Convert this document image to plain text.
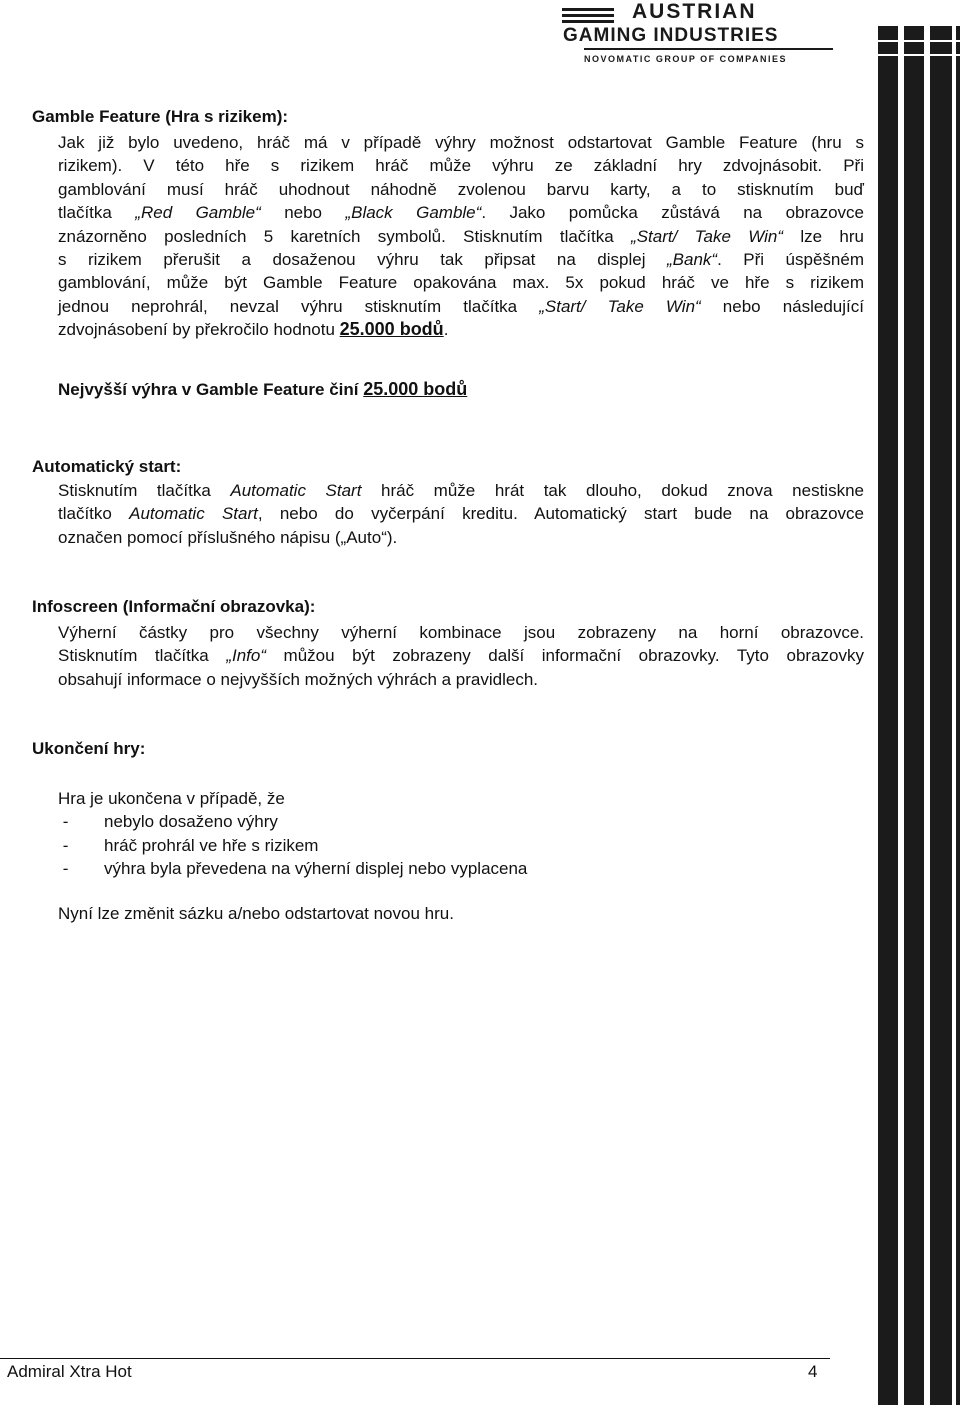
AUSTRIAN
GAMING INDUSTRIES
NOVOMATIC GROUP OF COMPANIES
Gamble Feature (Hra s rizikem):
Jak již bylo uvedeno, hráč má v případě výhry možnost odstartovat Gamble Feature (hru s
rizikem). V této hře s rizikem hráč může výhru ze základní hry zdvojnásobit. Při
gamblování musí hráč uhodnout náhodně zvolenou barvu karty, a to stisknutím buď
tlačítka „Red Gamble“ nebo „Black Gamble“. Jako pomůcka zůstává na obrazovce
znázorněno posledních 5 karetních symbolů. Stisknutím tlačítka „Start/ Take Win“ lze hru
s rizikem přerušit a dosaženou výhru tak připsat na displej „Bank“. Při úspěšném
gamblování, může být Gamble Feature opakována max. 5x pokud hráč ve hře s rizikem
jednou neprohrál, nevzal výhru stisknutím tlačítka „Start/ Take Win“ nebo následující
zdvojnásobení by překročilo hodnotu 25.000 bodů.
Nejvyšší výhra v Gamble Feature činí 25.000 bodů
Automatický start:
Stisknutím tlačítka Automatic Start hráč může hrát tak dlouho, dokud znova nestiskne
tlačítko Automatic Start, nebo do vyčerpání kreditu. Automatický start bude na obrazovce
označen pomocí příslušného nápisu („Auto“).
Infoscreen (Informační obrazovka):
Výherní částky pro všechny výherní kombinace jsou zobrazeny na horní obrazovce.
Stisknutím tlačítka „Info“ můžou být zobrazeny další informační obrazovky. Tyto obrazovky
obsahují informace o nejvyšších možných výhrách a pravidlech.
Ukončení hry:
Hra je ukončena v případě, že
- nebylo dosaženo výhry
- hráč prohrál ve hře s rizikem
- výhra byla převedena na výherní displej nebo vyplacena
Nyní lze změnit sázku a/nebo odstartovat novou hru.
Admiral Xtra Hot	4
